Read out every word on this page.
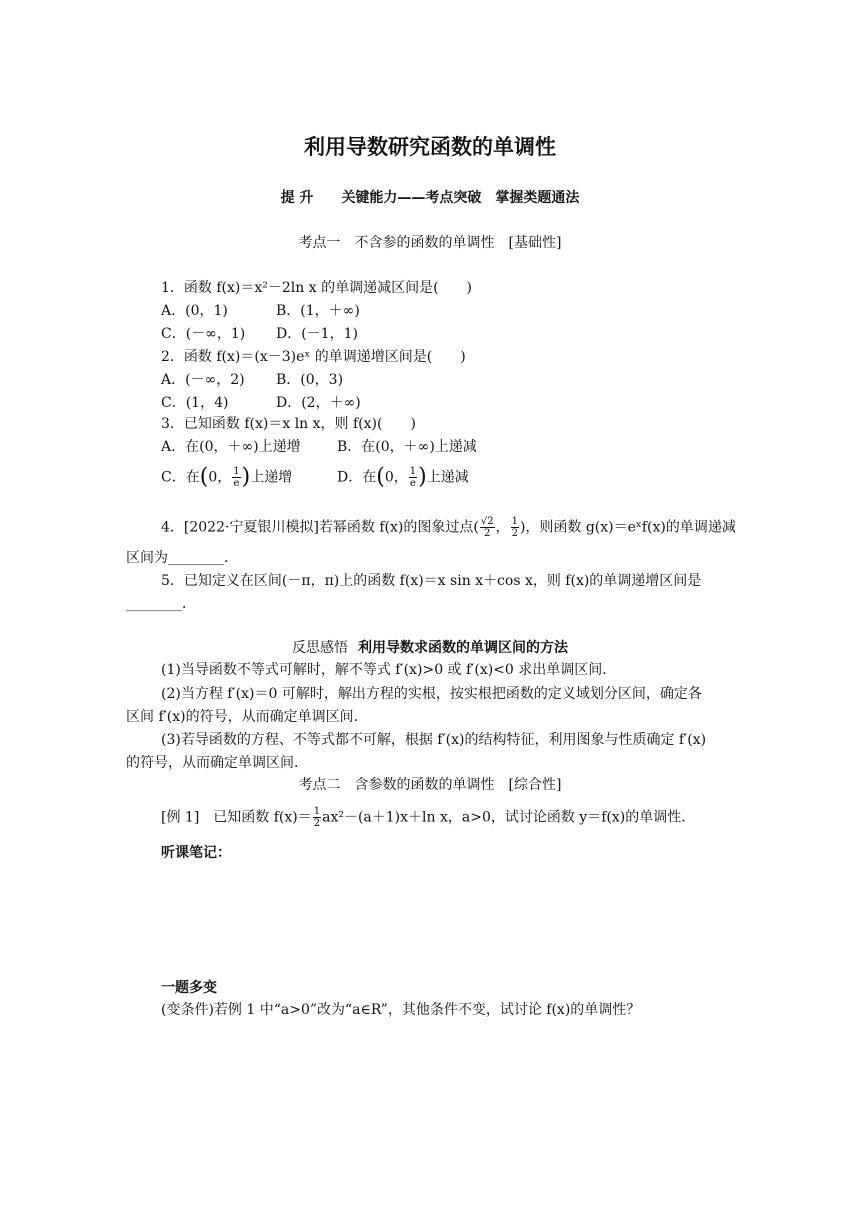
利用导数研究函数的单调性
提 升 关键能力——考点突破　掌握类题通法
考点一　不含参的函数的单调性　[基础性]
1．函数 f(x)＝x²－2ln x 的单调递减区间是(　　)
A．(0，1)	B．(1，＋∞)
C．(－∞，1) D．(－1，1)
2．函数 f(x)＝(x－3)eˣ 的单调递增区间是(　　)
A．(－∞，2) B．(0，3)
C．(1，4)	D．(2，＋∞)
3．已知函数 f(x)＝x ln x，则 f(x)(　　)
A．在(0，＋∞)上递增	B．在(0，＋∞)上递减
C．在(0， $\frac{1}{e}$ )上递增	D．在(0， $\frac{1}{e}$ )上递减
4．[2022·宁夏银川模拟]若幂函数 f(x)的图象过点( $\frac{√2}{2}$ ， $\frac{1}{2}$ )，则函数 g(x)＝eˣf(x)的单调递减
区间为________．
5．已知定义在区间(－π，π)上的函数 f(x)＝x sin x＋cos x，则 f(x)的单调递增区间是
________．
反思感悟 利用导数求函数的单调区间的方法
(1)当导函数不等式可解时，解不等式 f′(x)>0 或 f′(x)<0 求出单调区间．
(2)当方程 f′(x)＝0 可解时，解出方程的实根，按实根把函数的定义域划分区间，确定各
区间 f′(x)的符号，从而确定单调区间．
(3)若导函数的方程、不等式都不可解，根据 f′(x)的结构特征，利用图象与性质确定 f′(x)
的符号，从而确定单调区间．
考点二　含参数的函数的单调性　[综合性]
[例 1]　已知函数 $f(x)= \frac{1}{2} ax^2-(a+1)x+\ln$ x，a>0，试讨论函数 y＝f(x)的单调性．
听课笔记：
一题多变
(变条件)若例 1 中“a>0”改为“a∈R”，其他条件不变，试讨论 f(x)的单调性？
